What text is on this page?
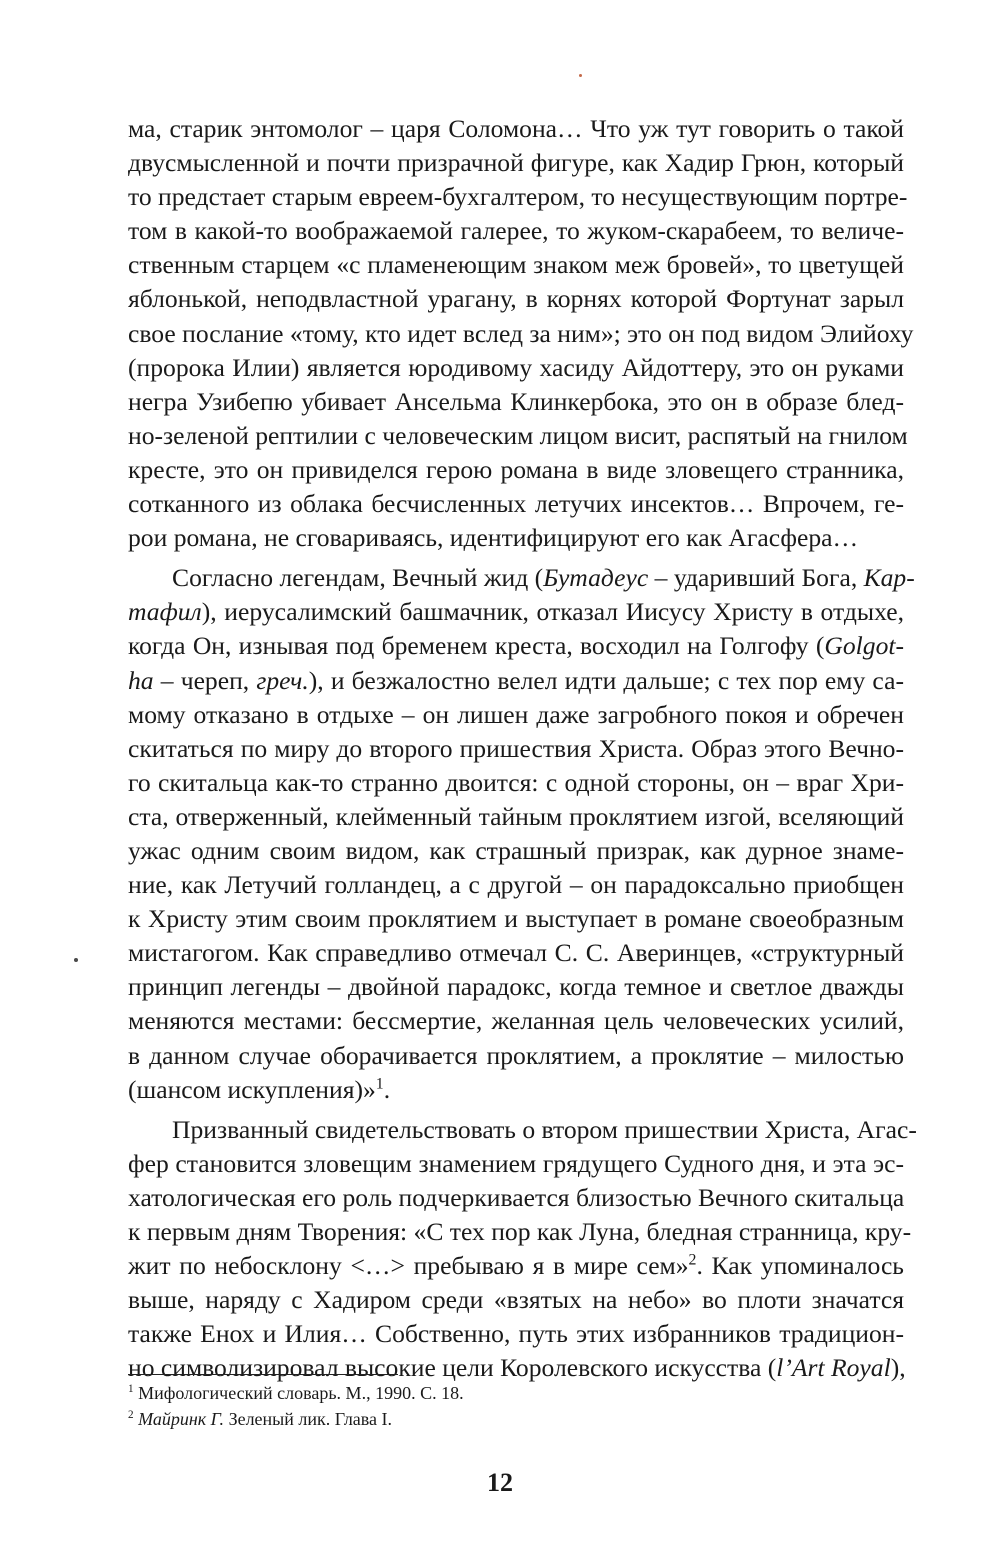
ма, старик энтомолог – царя Соломона… Что уж тут говорить о такой
двусмысленной и почти призрачной фигуре, как Хадир Грюн, который
то предстает старым евреем-бухгалтером, то несуществующим портре-
том в какой-то воображаемой галерее, то жуком-скарабеем, то величе-
ственным старцем «с пламенеющим знаком меж бровей», то цветущей
яблонькой, неподвластной урагану, в корнях которой Фортунат зарыл
свое послание «тому, кто идет вслед за ним»; это он под видом Элийоху
(пророка Илии) является юродивому хасиду Айдоттеру, это он руками
негра Узибепю убивает Ансельма Клинкербока, это он в образе блед-
но-зеленой рептилии с человеческим лицом висит, распятый на гнилом
кресте, это он привиделся герою романа в виде зловещего странника,
сотканного из облака бесчисленных летучих инсектов… Впрочем, ге-
рои романа, не сговариваясь, идентифицируют его как Агасфера…
Согласно легендам, Вечный жид (Бутадеус – ударивший Бога, Кар-
тафил), иерусалимский башмачник, отказал Иисусу Христу в отдыхе,
когда Он, изнывая под бременем креста, восходил на Голгофу (Golgot-
ha – череп, греч.), и безжалостно велел идти дальше; с тех пор ему са-
мому отказано в отдыхе – он лишен даже загробного покоя и обречен
скитаться по миру до второго пришествия Христа. Образ этого Вечно-
го скитальца как-то странно двоится: с одной стороны, он – враг Хри-
ста, отверженный, клейменный тайным проклятием изгой, вселяющий
ужас одним своим видом, как страшный призрак, как дурное знаме-
ние, как Летучий голландец, а с другой – он парадоксально приобщен
к Христу этим своим проклятием и выступает в романе своеобразным
мистагогом. Как справедливо отмечал С. С. Аверинцев, «структурный
принцип легенды – двойной парадокс, когда темное и светлое дважды
меняются местами: бессмертие, желанная цель человеческих усилий,
в данном случае оборачивается проклятием, а проклятие – милостью
(шансом искупления)»$^1$.
Призванный свидетельствовать о втором пришествии Христа, Агас-
фер становится зловещим знамением грядущего Судного дня, и эта эс-
хатологическая его роль подчеркивается близостью Вечного скитальца
к первым дням Творения: «С тех пор как Луна, бледная странница, кру-
жит по небосклону <…> пребываю я в мире сем»$^2$. Как упоминалось
выше, наряду с Хадиром среди «взятых на небо» во плоти значатся
также Енох и Илия… Собственно, путь этих избранников традицион-
но символизировал высокие цели Королевского искусства (l’Art Royal),
$^1$ Мифологический словарь. М., 1990. С. 18.
$^2$ Майринк Г. Зеленый лик. Глава I.
12
